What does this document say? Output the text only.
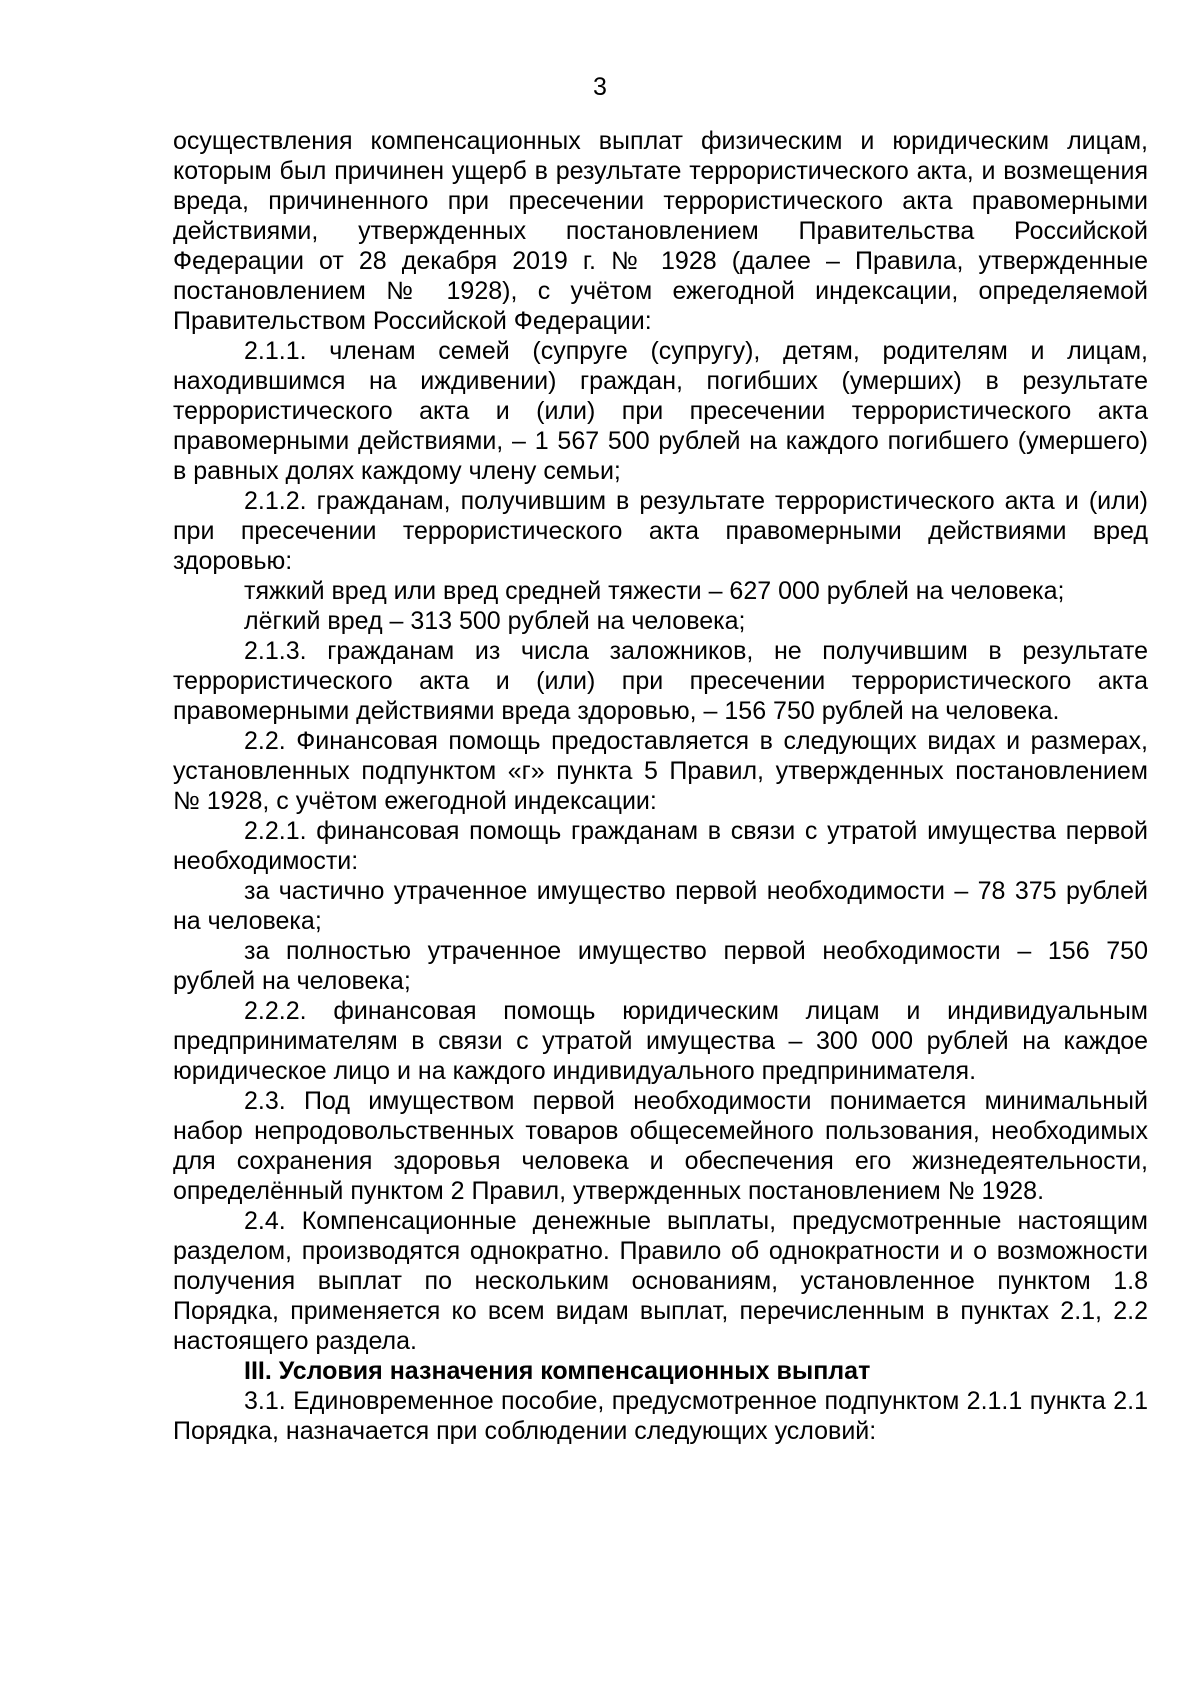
3

осуществления компенсационных выплат физическим и юридическим лицам, которым был причинен ущерб в результате террористического акта, и возмещения вреда, причиненного при пресечении террористического акта правомерными действиями, утвержденных постановлением Правительства Российской Федерации от 28 декабря 2019 г. № 1928 (далее – Правила, утвержденные постановлением № 1928), с учётом ежегодной индексации, определяемой Правительством Российской Федерации:

2.1.1. членам семей (супруге (супругу), детям, родителям и лицам, находившимся на иждивении) граждан, погибших (умерших) в результате террористического акта и (или) при пресечении террористического акта правомерными действиями, – 1 567 500 рублей на каждого погибшего (умершего) в равных долях каждому члену семьи;

2.1.2. гражданам, получившим в результате террористического акта и (или) при пресечении террористического акта правомерными действиями вред здоровью:

тяжкий вред или вред средней тяжести – 627 000 рублей на человека;

лёгкий вред – 313 500 рублей на человека;

2.1.3. гражданам из числа заложников, не получившим в результате террористического акта и (или) при пресечении террористического акта правомерными действиями вреда здоровью, – 156 750 рублей на человека.

2.2. Финансовая помощь предоставляется в следующих видах и размерах, установленных подпунктом «г» пункта 5 Правил, утвержденных постановлением № 1928, с учётом ежегодной индексации:

2.2.1. финансовая помощь гражданам в связи с утратой имущества первой необходимости:

за частично утраченное имущество первой необходимости – 78 375 рублей на человека;

за полностью утраченное имущество первой необходимости – 156 750 рублей на человека;

2.2.2. финансовая помощь юридическим лицам и индивидуальным предпринимателям в связи с утратой имущества – 300 000 рублей на каждое юридическое лицо и на каждого индивидуального предпринимателя.

2.3. Под имуществом первой необходимости понимается минимальный набор непродовольственных товаров общесемейного пользования, необходимых для сохранения здоровья человека и обеспечения его жизнедеятельности, определённый пунктом 2 Правил, утвержденных постановлением № 1928.

2.4. Компенсационные денежные выплаты, предусмотренные настоящим разделом, производятся однократно. Правило об однократности и о возможности получения выплат по нескольким основаниям, установленное пунктом 1.8 Порядка, применяется ко всем видам выплат, перечисленным в пунктах 2.1, 2.2 настоящего раздела.

III. Условия назначения компенсационных выплат

3.1. Единовременное пособие, предусмотренное подпунктом 2.1.1 пункта 2.1 Порядка, назначается при соблюдении следующих условий:
